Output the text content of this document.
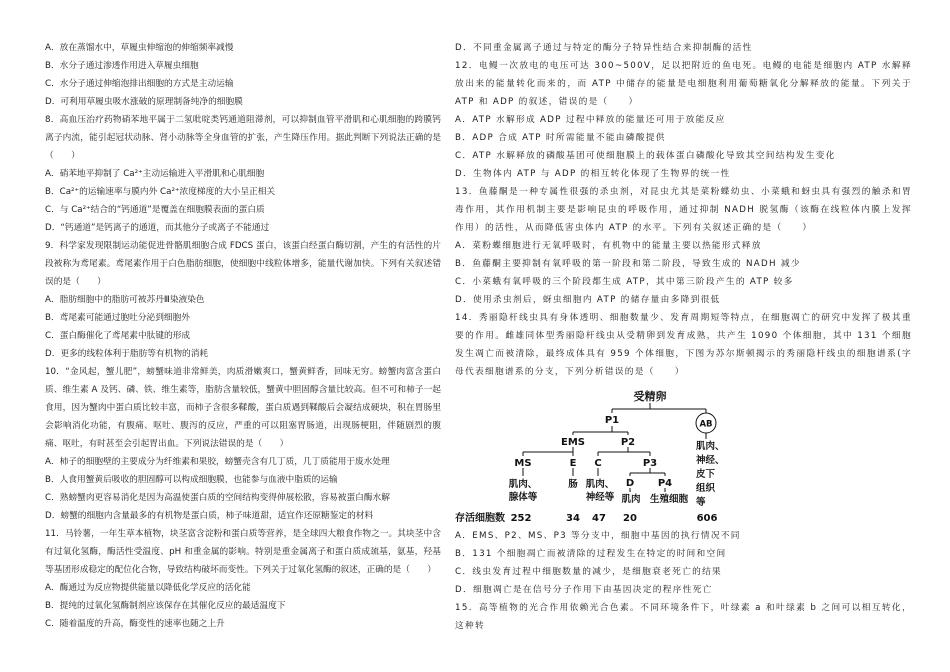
A．放在蒸馏水中，草履虫伸缩泡的伸缩频率减慢

B．水分子通过渗透作用进入草履虫细胞

C．水分子通过伸缩泡排出细胞的方式是主动运输

D．可利用草履虫吸水涨破的原理制备纯净的细胞膜

8．高血压治疗药物硝苯地平属于二氢吡啶类钙通道阻滞剂，可以抑制血管平滑肌和心肌细胞的跨膜钙离子内流，能引起冠状动脉、肾小动脉等全身血管的扩张，产生降压作用。据此判断下列说法正确的是（　　）

A．硝苯地平抑制了 Ca²⁺主动运输进入平滑肌和心肌细胞

B．Ca²⁺的运输速率与膜内外 Ca²⁺浓度梯度的大小呈正相关

C．与 Ca²⁺结合的“钙通道”是覆盖在细胞膜表面的蛋白质

D．“钙通道”是钙离子的通道，而其他分子或离子不能通过

9．科学家发现限制运动能促进骨骼肌细胞合成 FDCS 蛋白，该蛋白经蛋白酶切割，产生的有活性的片段被称为鸢尾素。鸢尾素作用于白色脂肪细胞，使细胞中线粒体增多，能量代谢加快。下列有关叙述错误的是（　　）

A．脂肪细胞中的脂肪可被苏丹Ⅲ染液染色

B．鸢尾素可能通过胞吐分泌到细胞外

C．蛋白酶催化了鸢尾素中肽键的形成

D．更多的线粒体利于脂肪等有机物的消耗

10．“金风起，蟹儿肥”，螃蟹味道非常鲜美，肉质滑嫩爽口，蟹黄鲜香，回味无穷。螃蟹肉富含蛋白质、维生素 A 及钙、磷、铁、维生素等，脂肪含量较低，蟹黄中胆固醇含量比较高。但不可和柿子一起食用，因为蟹肉中蛋白质比较丰富，而柿子含很多鞣酸，蛋白质遇到鞣酸后会凝结成硬块，积在胃肠里会影响消化功能，有腹痛、呕吐、腹泻的反应，严重的可以阻塞胃肠道，出现肠梗阻，伴随剧烈的腹痛、呕吐，有时甚至会引起胃出血。下列说法错误的是（　　）

A．柿子的细胞壁的主要成分为纤维素和果胶，螃蟹壳含有几丁质，几丁质能用于废水处理

B．人食用蟹黄后吸收的胆固醇可以构成细胞膜，也能参与血液中脂质的运输

C．熟螃蟹肉更容易消化是因为高温使蛋白质的空间结构变得伸展松散，容易被蛋白酶水解

D．螃蟹的细胞内含量最多的有机物是蛋白质，柿子味道甜，适宜作还原糖鉴定的材料

11．马铃薯，一年生草本植物，块茎富含淀粉和蛋白质等营养，是全球四大粮食作物之一。其块茎中含有过氧化氢酶，酶活性受温度、pH 和重金属的影响。特别是重金属离子和蛋白质成巯基，氨基，羟基等基团形成稳定的配位化合物，导致结构破坏而变性。下列关于过氧化氢酶的叙述，正确的是（　　）

A．酶通过为反应物提供能量以降低化学反应的活化能

B．提纯的过氧化氢酶制剂应该保存在其催化反应的最适温度下

C．随着温度的升高，酶变性的速率也随之上升

D．不同重金属离子通过与特定的酶分子特异性结合来抑制酶的活性

12．电鳗一次放电的电压可达 300~500V，足以把附近的鱼电死。电鳗的电能是细胞内 ATP 水解释放出来的能量转化而来的，而 ATP 中储存的能量是电细胞利用葡萄糖氧化分解释放的能量。下列关于 ATP 和 ADP 的叙述，错误的是（　　）

A．ATP 水解形成 ADP 过程中释放的能量还可用于放能反应

B．ADP 合成 ATP 时所需能量不能由磷酸提供

C．ATP 水解释放的磷酸基团可使细胞膜上的载体蛋白磷酸化导致其空间结构发生变化

D．生物体内 ATP 与 ADP 的相互转化体现了生物界的统一性

13．鱼藤酮是一种专属性很强的杀虫剂，对昆虫尤其是菜粉蝶幼虫、小菜蛾和蚜虫具有强烈的触杀和胃毒作用，其作用机制主要是影响昆虫的呼吸作用，通过抑制 NADH 脱氢酶（该酶在线粒体内膜上发挥作用）的活性，从而降低害虫体内 ATP 的水平。下列有关叙述正确的是（　　）

A．菜粉蝶细胞进行无氧呼吸时，有机物中的能量主要以热能形式释放

B．鱼藤酮主要抑制有氧呼吸的第一阶段和第二阶段，导致生成的 NADH 减少

C．小菜蛾有氧呼吸的三个阶段都生成 ATP，其中第三阶段产生的 ATP 较多

D．使用杀虫剂后，蚜虫细胞内 ATP 的储存量由多降到很低

14．秀丽隐杆线虫具有身体透明、细胞数量少、发育周期短等特点，在细胞凋亡的研究中发挥了极其重要的作用。雌雄同体型秀丽隐杆线虫从受精卵到发育成熟，共产生 1090 个体细胞，其中 131 个细胞发生凋亡而被清除，最终成体具有 959 个体细胞，下图为苏尔斯顿揭示的秀丽隐杆线虫的细胞谱系(字母代表细胞谱系的分支，下列分析错误的是（　　）

受精卵
P1	AB
EMS	P2
MS	E C	P3
D P4
肌肉、
腺体等
肠 肌肉、
神经等 肌肉 生殖细胞
肌肉、
神经、
皮下
组织
等
存活细胞数 252	34 47 20	606

A．EMS、P2、MS、P3 等分支中，细胞中基因的执行情况不同

B．131 个细胞凋亡而被清除的过程发生在特定的时间和空间

C．线虫发育过程中细胞数量的减少，是细胞衰老死亡的结果

D．细胞凋亡是在信号分子作用下由基因决定的程序性死亡

15．高等植物的光合作用依赖光合色素。不同环境条件下，叶绿素 a 和叶绿素 b 之间可以相互转化，这种转
